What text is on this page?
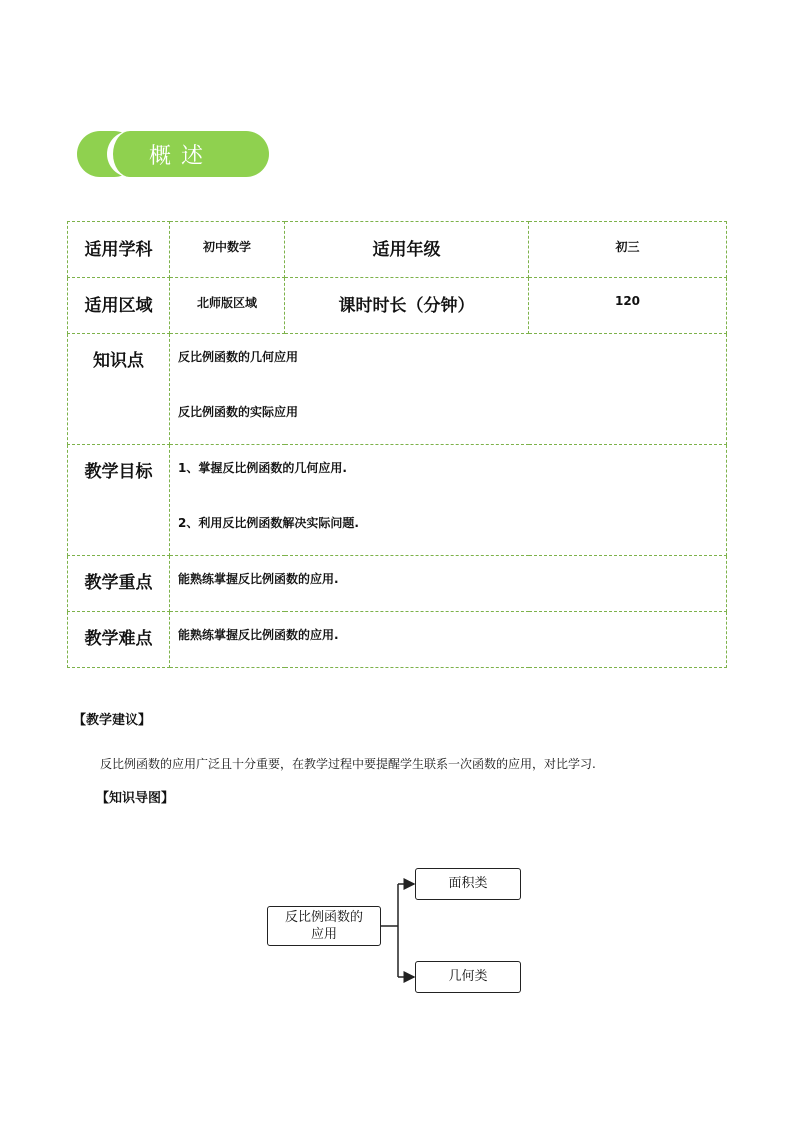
概述
适用学科	初中数学	适用年级	初三
适用区域	北师版区域	课时时长（分钟）	120
知识点	反比例函数的几何应用
反比例函数的实际应用		

教学目标	1、掌握反比例函数的几何应用.
2、利用反比例函数解决实际问题.		

教学重点	能熟练掌握反比例函数的应用.		

教学难点	能熟练掌握反比例函数的应用.		
【教学建议】
反比例函数的应用广泛且十分重要，在教学过程中要提醒学生联系一次函数的应用，对比学习.
【知识导图】
反比例函数的
应用
面积类
几何类
